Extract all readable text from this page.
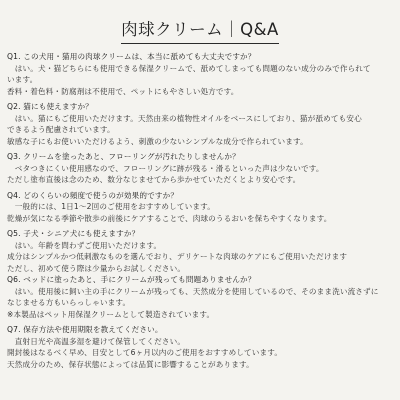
肉球クリーム｜Q&A
Q1. この犬用・猫用の肉球クリームは、本当に舐めても大丈夫ですか？
　はい。犬・猫どちらにも使用できる保湿クリームで、舐めてしまっても問題のない成分のみで作られて
います。
香料・着色料・防腐剤は不使用で、ペットにもやさしい処方です。
Q2. 猫にも使えますか？
　はい。猫にもご使用いただけます。天然由来の植物性オイルをベースにしており、猫が舐めても安心
できるよう配慮されています。
敏感な子にもお使いいただけるよう、刺激の少ないシンプルな成分で作られています。
Q3. クリームを塗ったあと、フローリングが汚れたりしませんか？
　ベタつきにくい使用感なので、フローリングに跡が残る・滑るといった声は少ないです。
ただし塗布直後は念のため、数分なじませてから歩かせていただくとより安心です。
Q4. どのくらいの頻度で使うのが効果的ですか？
　一般的には、1日1〜2回のご使用をおすすめしています。
乾燥が気になる季節や散歩の前後にケアすることで、肉球のうるおいを保ちやすくなります。
Q5. 子犬・シニア犬にも使えますか？
　はい。年齢を問わずご使用いただけます。
成分はシンプルかつ低刺激なものを選んでおり、デリケートな肉球のケアにもご使用いただけます
ただし、初めて使う際は少量からお試しください。
Q6. ベッドに塗ったあと、手にクリームが残っても問題ありませんか？
　はい。使用後に飼い主の手にクリームが残っても、天然成分を使用しているので、そのまま洗い流さずに
なじませる方もいらっしゃいます。
※本製品はペット用保湿クリームとして製造されています。
Q7. 保存方法や使用期限を教えてください。
　直射日光や高温多湿を避けて保管してください。
開封後はなるべく早め、目安として6ヶ月以内のご使用をおすすめしています。
天然成分のため、保存状態によっては品質に影響することがあります。
